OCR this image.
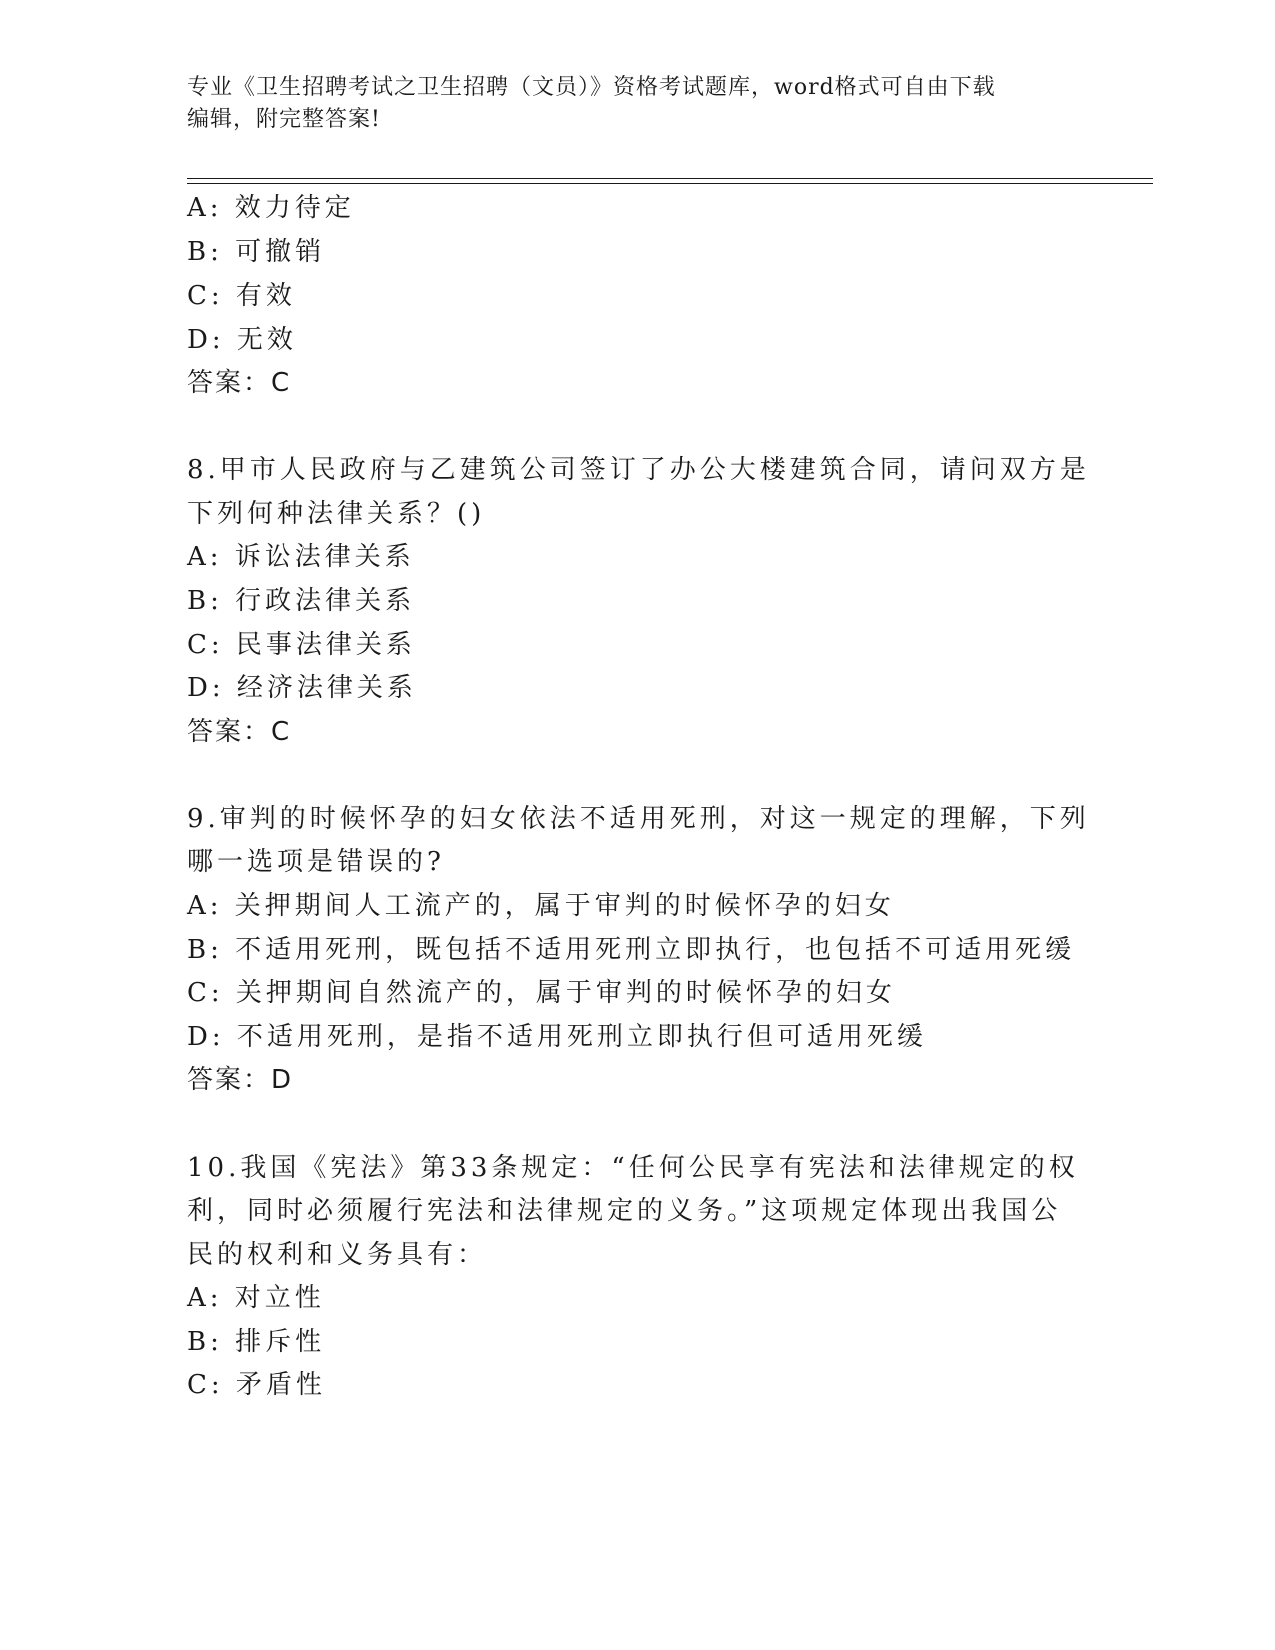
专业《卫生招聘考试之卫生招聘（文员）》资格考试题库，word格式可自由下载
编辑，附完整答案!
A: 效力待定
B: 可撤销
C: 有效
D: 无效
答案：C
8.甲市人民政府与乙建筑公司签订了办公大楼建筑合同，请问双方是
下列何种法律关系？()
A: 诉讼法律关系
B: 行政法律关系
C: 民事法律关系
D: 经济法律关系
答案：C
9.审判的时候怀孕的妇女依法不适用死刑，对这一规定的理解，下列
哪一选项是错误的?
A: 关押期间人工流产的，属于审判的时候怀孕的妇女
B: 不适用死刑，既包括不适用死刑立即执行，也包括不可适用死缓
C: 关押期间自然流产的，属于审判的时候怀孕的妇女
D: 不适用死刑，是指不适用死刑立即执行但可适用死缓
答案：D
10.我国《宪法》第33条规定：“任何公民享有宪法和法律规定的权
利，同时必须履行宪法和法律规定的义务。”这项规定体现出我国公
民的权利和义务具有：
A: 对立性
B: 排斥性
C: 矛盾性
